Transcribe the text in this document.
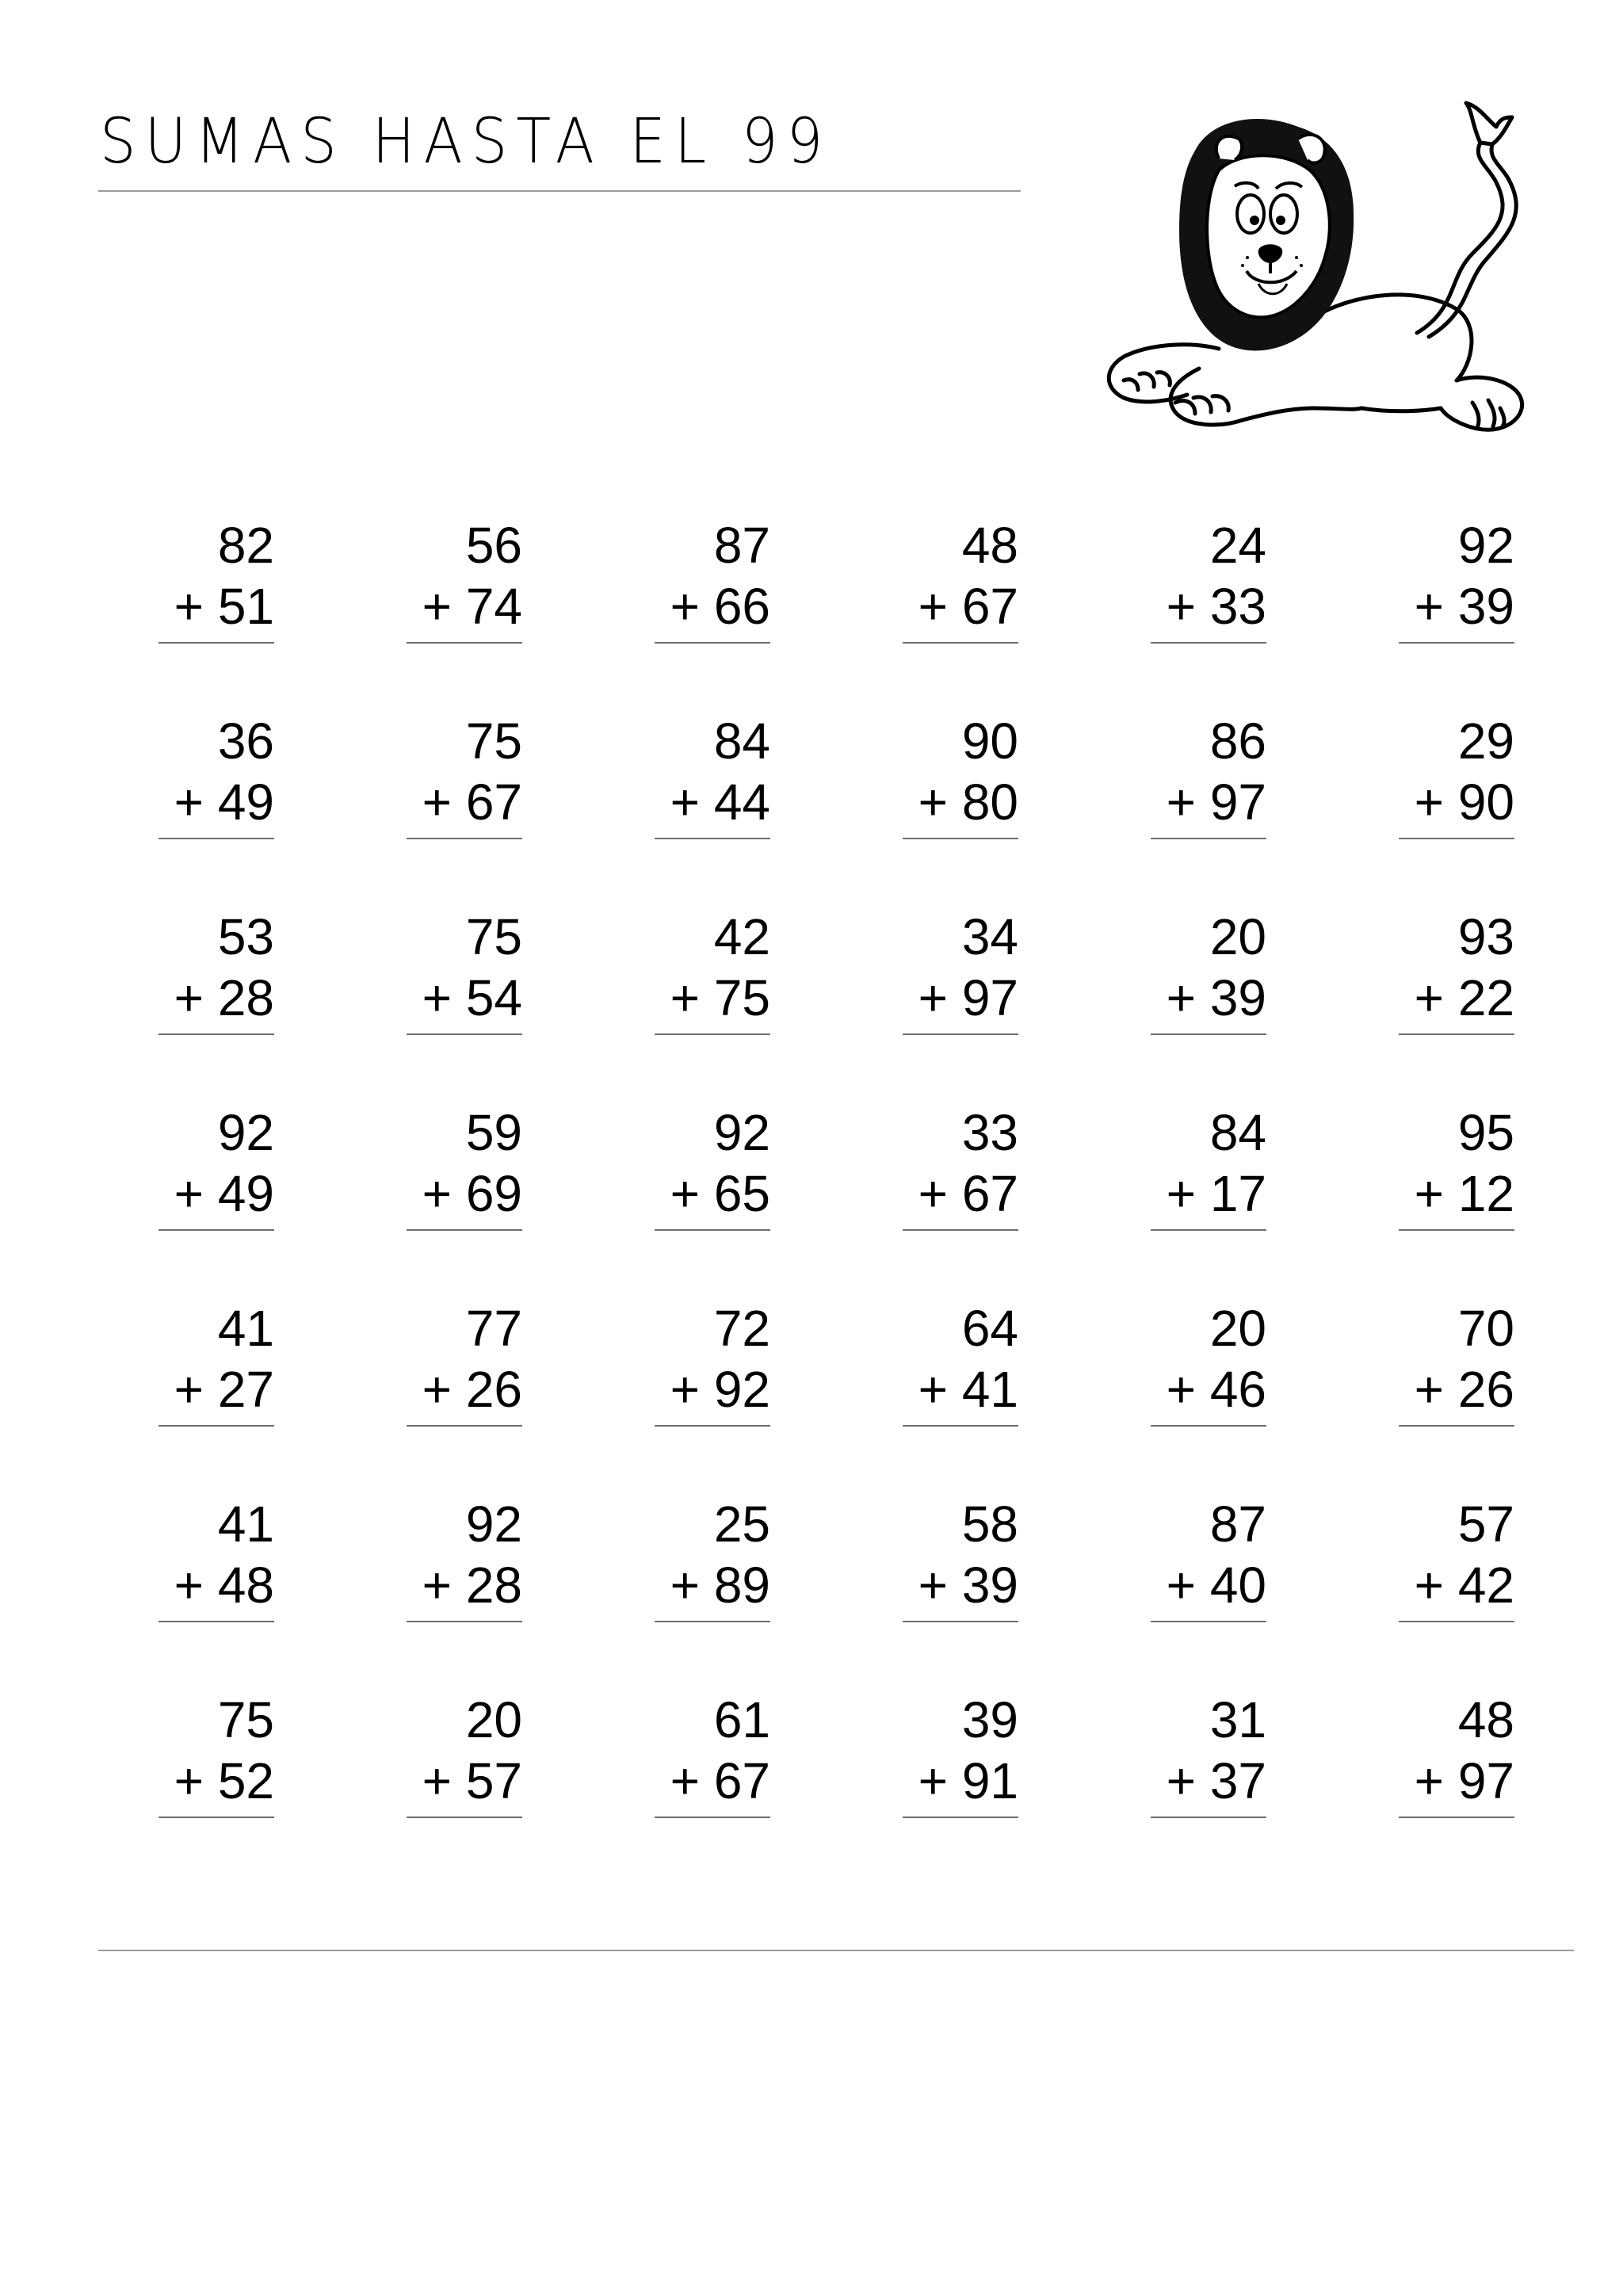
SUMAS HASTA EL 99
82
+ 51
56
+ 74
87
+ 66
48
+ 67
24
+ 33
92
+ 39
36
+ 49
75
+ 67
84
+ 44
90
+ 80
86
+ 97
29
+ 90
53
+ 28
75
+ 54
42
+ 75
34
+ 97
20
+ 39
93
+ 22
92
+ 49
59
+ 69
92
+ 65
33
+ 67
84
+ 17
95
+ 12
41
+ 27
77
+ 26
72
+ 92
64
+ 41
20
+ 46
70
+ 26
41
+ 48
92
+ 28
25
+ 89
58
+ 39
87
+ 40
57
+ 42
75
+ 52
20
+ 57
61
+ 67
39
+ 91
31
+ 37
48
+ 97
